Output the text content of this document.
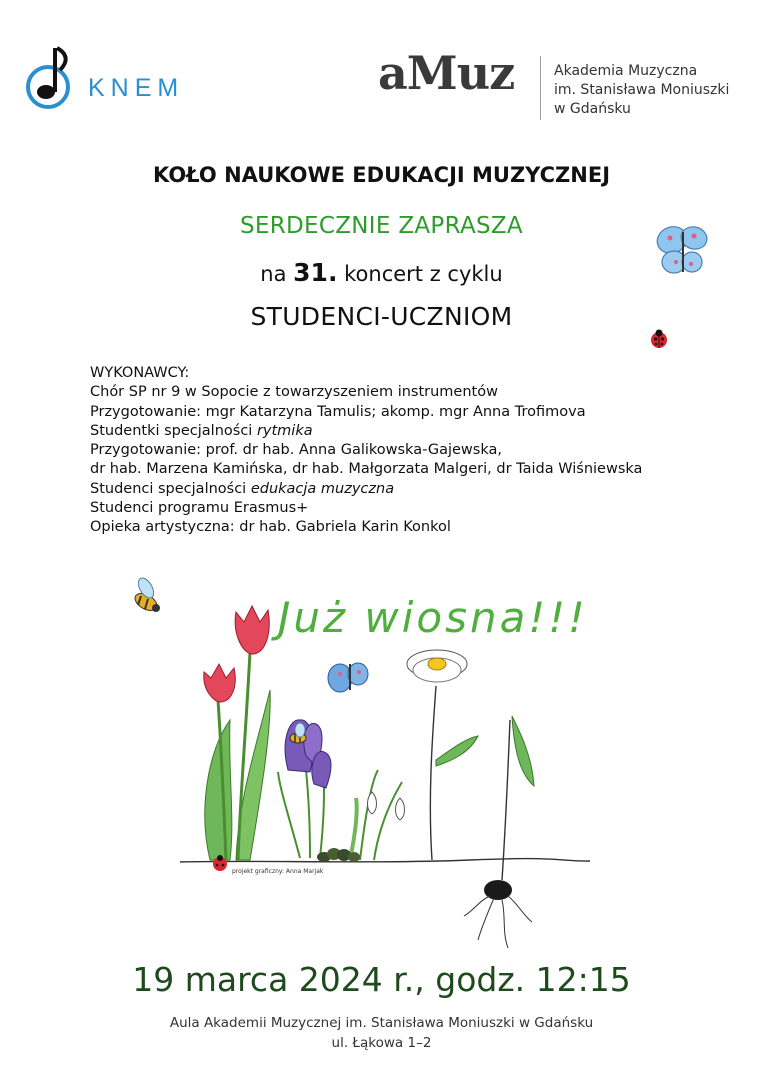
KNEM	aMuz	Akademia Muzyczna
im. Stanisława Moniuszki
w Gdańsku
KOŁO NAUKOWE EDUKACJI MUZYCZNEJ
SERDECZNIE ZAPRASZA
na 31. koncert z cyklu
STUDENCI-UCZNIOM
WYKONAWCY:
Chór SP nr 9 w Sopocie z towarzyszeniem instrumentów
Przygotowanie: mgr Katarzyna Tamulis; akomp. mgr Anna Trofimova
Studentki specjalności rytmika
Przygotowanie: prof. dr hab. Anna Galikowska-Gajewska,
dr hab. Marzena Kamińska, dr hab. Małgorzata Malgeri, dr Taida Wiśniewska
Studenci specjalności edukacja muzyczna
Studenci programu Erasmus+
Opieka artystyczna: dr hab. Gabriela Karin Konkol
Już wiosna!!!
projekt graficzny: Anna Marjak
19 marca 2024 r., godz. 12:15
Aula Akademii Muzycznej im. Stanisława Moniuszki w Gdańsku
ul. Łąkowa 1–2
